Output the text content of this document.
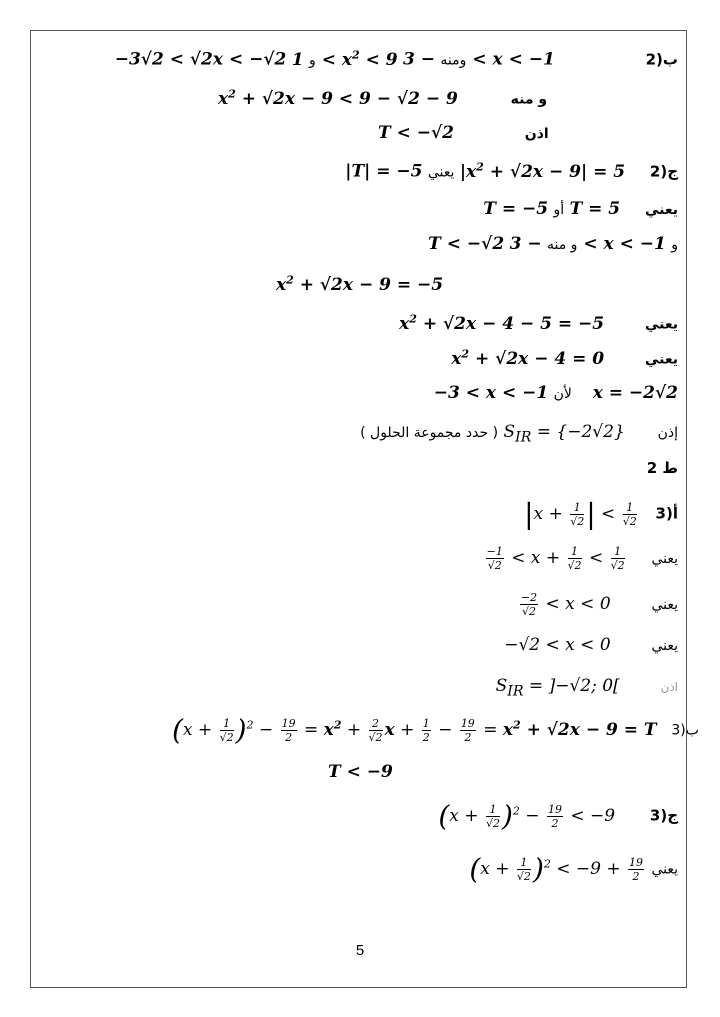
−3√2 < √2x < −√2 و $1 < x^2 < 9$	ومنه − 3 < x < −1	2)ب
$x^2 + √2x - 9 < 9 - √2 - 9$	و منه
T < −√2	اذن
|T| = −5 يعني $|x^2 + √2x - 9| = 5$ 2)ج
T = −5 أو T = 5 يعني
T < −√2	و منه − 3 < x < −1 و
$x^2 + √2x - 9 = -5$
$x^2 + √2x - 4 - 5 = -5$	يعني
$x^2 + √2x - 4 = 0$	يعني
−3 < x < −1 لأن x = −2√2
( حدد مجموعة الحلول ) $S_{IR} = \{-2√2\}$ إذن
ط 2
$|x + \frac{1}{√2}$ | < $\frac{1}{√2}$ 3)أ
$\frac{-1}{√2} < x + \frac{1}{√2} < \frac{1}{√2}$ يعني
$\frac{-2}{√2} < x < 0$	يعني
−√2 < x < 0	يعني
$S_{IR} = ]-√2$; 0[	اذن
$(x + \frac{1}{√2} )^2 - \frac{19}{2} = x^2 + \frac{2}{√2}$ $x + \frac{1}{2} - \frac{19}{2} = x^2 + √2x - 9 = T$ 3)ب
T < −9
$(x + \frac{1}{√2} )^2 - \frac{19}{2} < -9$ 3)ج
$(x + \frac{1}{√2} )^2 < -9 + \frac{19}{2}$ يعني
5
